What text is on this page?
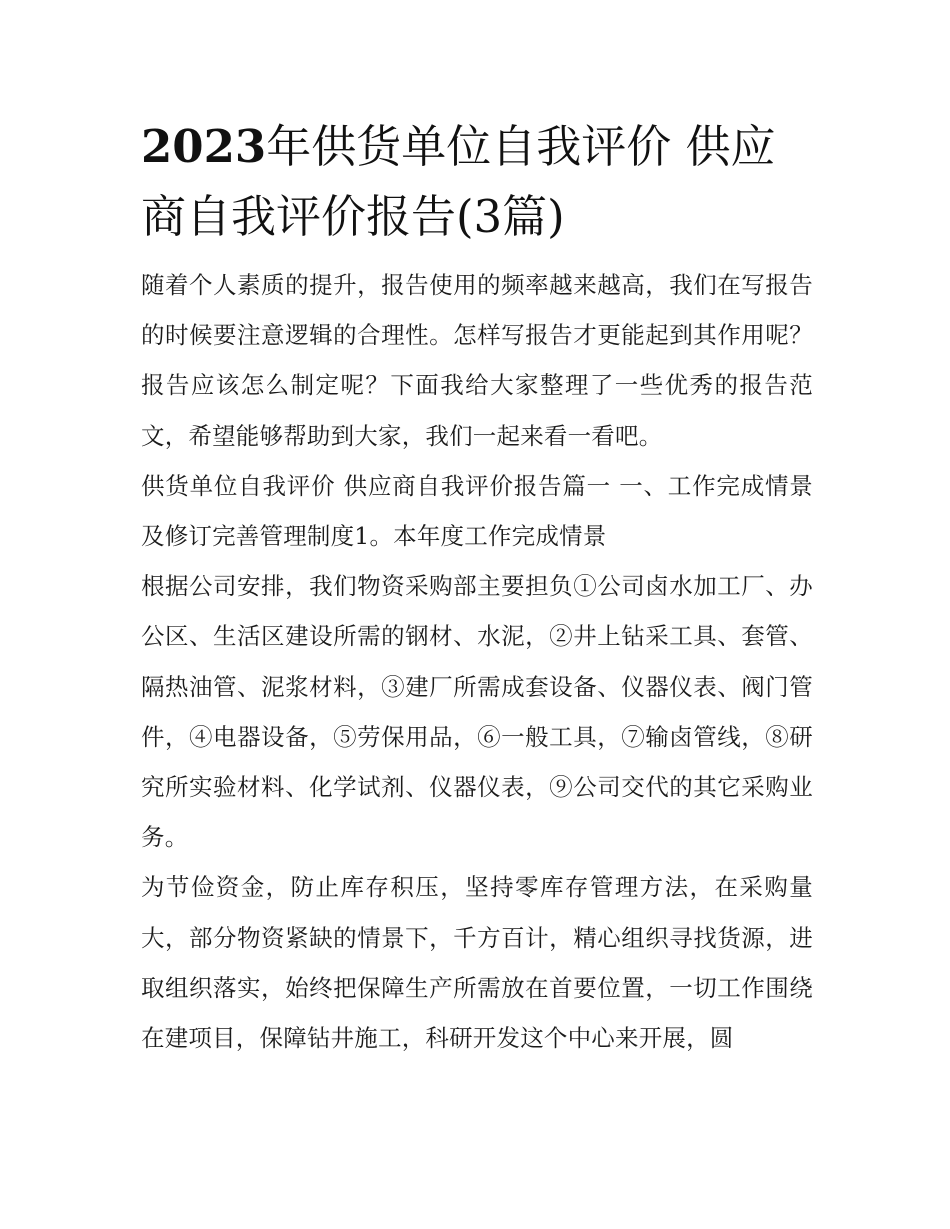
2023年供货单位自我评价 供应商自我评价报告(3篇)

随着个人素质的提升，报告使用的频率越来越高，我们在写报告的时候要注意逻辑的合理性。怎样写报告才更能起到其作用呢？报告应该怎么制定呢？下面我给大家整理了一些优秀的报告范文，希望能够帮助到大家，我们一起来看一看吧。

供货单位自我评价 供应商自我评价报告篇一 一、工作完成情景及修订完善管理制度1。本年度工作完成情景

根据公司安排，我们物资采购部主要担负①公司卤水加工厂、办公区、生活区建设所需的钢材、水泥，②井上钻采工具、套管、隔热油管、泥浆材料，③建厂所需成套设备、仪器仪表、阀门管件，④电器设备，⑤劳保用品，⑥一般工具，⑦输卤管线，⑧研究所实验材料、化学试剂、仪器仪表，⑨公司交代的其它采购业务。

为节俭资金，防止库存积压，坚持零库存管理方法，在采购量大，部分物资紧缺的情景下，千方百计，精心组织寻找货源，进取组织落实，始终把保障生产所需放在首要位置，一切工作围绕在建项目，保障钻井施工，科研开发这个中心来开展，圆
